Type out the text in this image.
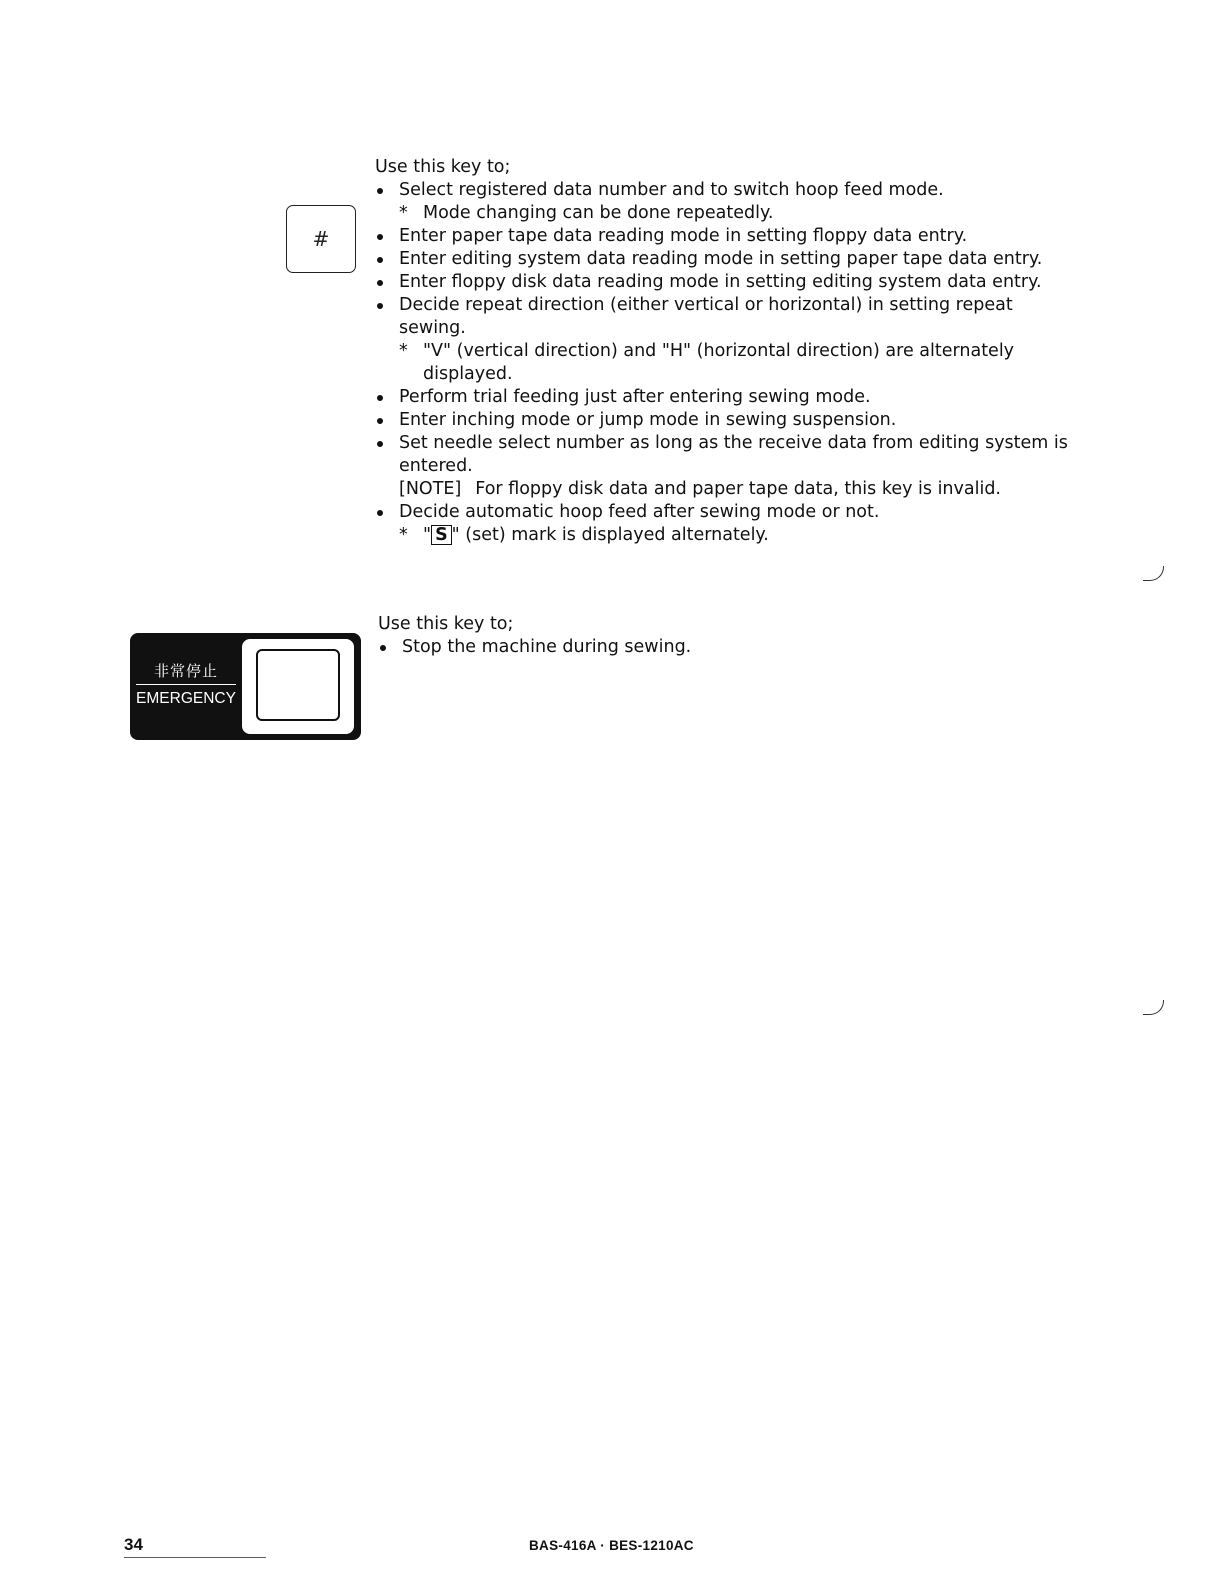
#

Use this key to;

Select registered data number and to switch hoop feed mode.
* Mode changing can be done repeatedly.
Enter paper tape data reading mode in setting floppy data entry.
Enter editing system data reading mode in setting paper tape data entry.
Enter floppy disk data reading mode in setting editing system data entry.
Decide repeat direction (either vertical or horizontal) in setting repeat sewing.
* "V" (vertical direction) and "H" (horizontal direction) are alternately displayed.
Perform trial feeding just after entering sewing mode.
Enter inching mode or jump mode in sewing suspension.
Set needle select number as long as the receive data from editing system is entered.
[NOTE] For floppy disk data and paper tape data, this key is invalid.
Decide automatic hoop feed after sewing mode or not.
* " S " (set) mark is displayed alternately.
非常停止
EMERGENCY

Use this key to;

Stop the machine during sewing.
34	BAS-416A · BES-1210AC
